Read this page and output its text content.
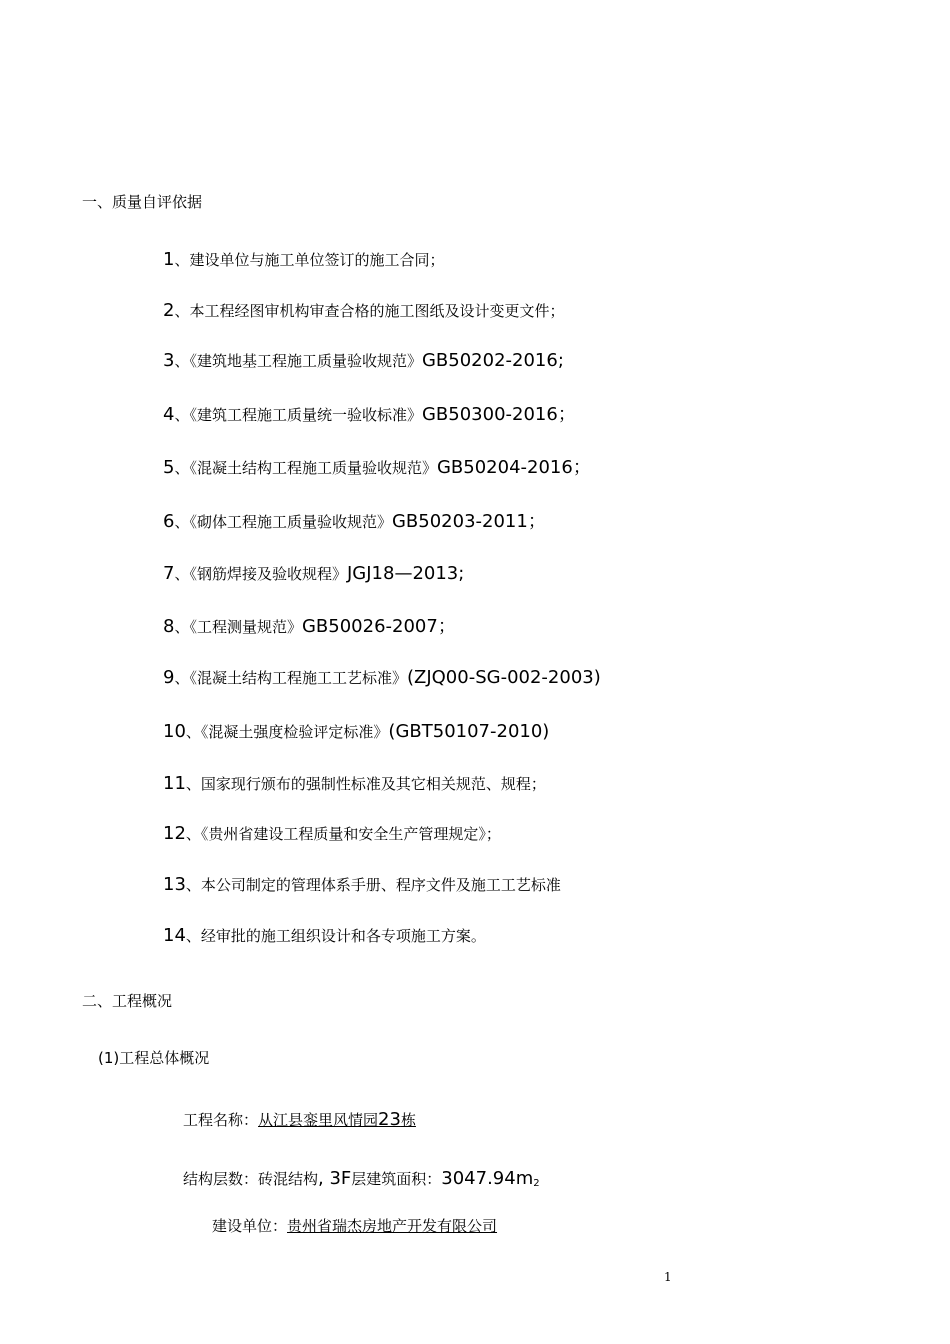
一、质量自评依据
1、建设单位与施工单位签订的施工合同；
2、本工程经图审机构审查合格的施工图纸及设计变更文件；
3、《建筑地基工程施工质量验收规范》GB50202-2016;
4、《建筑工程施工质量统一验收标准》GB50300-2016；
5、《混凝土结构工程施工质量验收规范》GB50204-2016；
6、《砌体工程施工质量验收规范》GB50203-2011；
7、《钢筋焊接及验收规程》JGJ18—2013;
8、《工程测量规范》GB50026-2007；
9、《混凝土结构工程施工工艺标准》(ZJQ00-SG-002-2003)
10、《混凝土强度检验评定标准》(GBT50107-2010)
11、国家现行颁布的强制性标准及其它相关规范、规程；
12、《贵州省建设工程质量和安全生产管理规定》；
13、本公司制定的管理体系手册、程序文件及施工工艺标准
14、经审批的施工组织设计和各专项施工方案。
二、工程概况
(1)工程总体概况
工程名称：从江县銮里风情园23栋
结构层数：砖混结构, 3F层建筑面积：$3047.94m_2$
建设单位：贵州省瑞杰房地产开发有限公司
1
